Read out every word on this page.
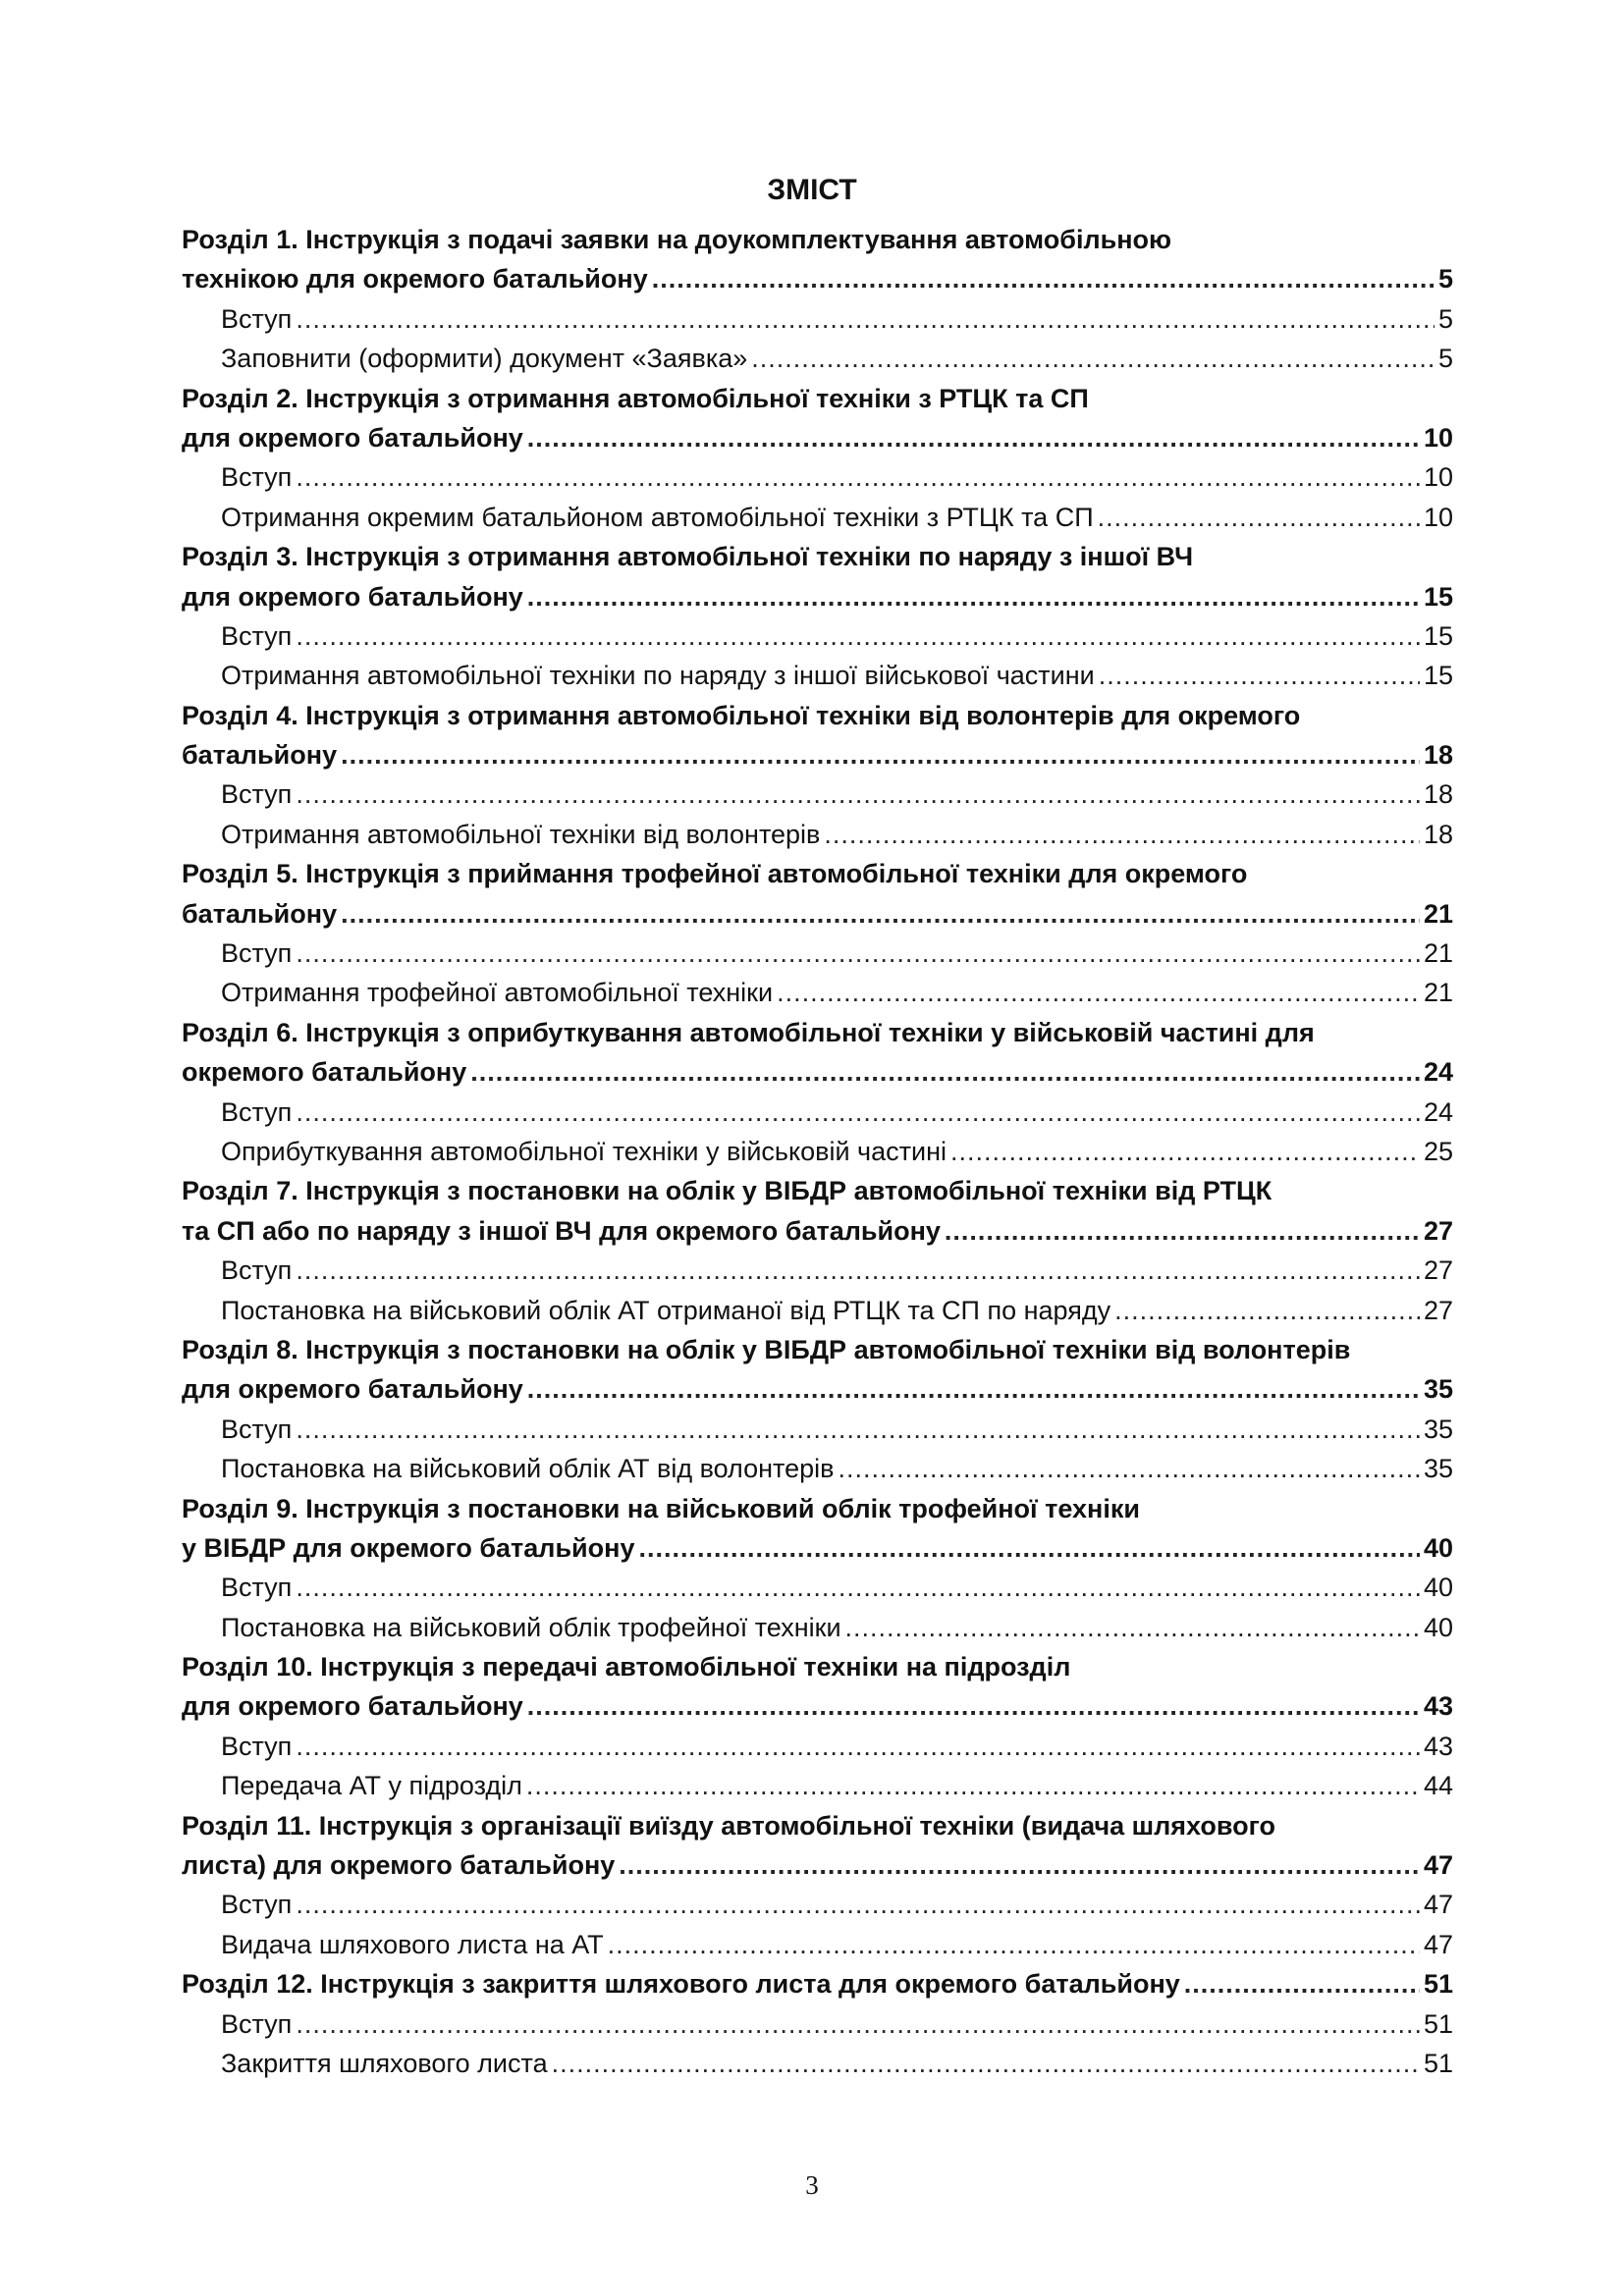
ЗМІСТ
Розділ 1. Інструкція з подачі заявки на доукомплектування автомобільною
технікою для окремого батальйону .....	5
Вступ .....	5
Заповнити (оформити) документ «Заявка» .....	5
Розділ 2. Інструкція з отримання автомобільної техніки з РТЦК та СП
для окремого батальйону .....	10
Вступ .....	10
Отримання окремим батальйоном автомобільної техніки з РТЦК та СП .....	10
Розділ 3. Інструкція з отримання автомобільної техніки по наряду з іншої ВЧ
для окремого батальйону .....	15
Вступ .....	15
Отримання автомобільної техніки по наряду з іншої військової частини .....	15
Розділ 4. Інструкція з отримання автомобільної техніки від волонтерів для окремого
батальйону .....	18
Вступ .....	18
Отримання автомобільної техніки від волонтерів .....	18
Розділ 5. Інструкція з приймання трофейної автомобільної техніки для окремого
батальйону .....	21
Вступ .....	21
Отримання трофейної автомобільної техніки .....	21
Розділ 6. Інструкція з оприбуткування автомобільної техніки у військовій частині для
окремого батальйону .....	24
Вступ .....	24
Оприбуткування автомобільної техніки у військовій частині .....	25
Розділ 7. Інструкція з постановки на облік у ВІБДР автомобільної техніки від РТЦК
та СП або по наряду з іншої ВЧ для окремого батальйону .....	27
Вступ .....	27
Постановка на військовий облік АТ отриманої від РТЦК та СП по наряду .....	27
Розділ 8. Інструкція з постановки на облік у ВІБДР автомобільної техніки від волонтерів
для окремого батальйону .....	35
Вступ .....	35
Постановка на військовий облік АТ від волонтерів .....	35
Розділ 9. Інструкція з постановки на військовий облік трофейної техніки
у ВІБДР для окремого батальйону .....	40
Вступ .....	40
Постановка на військовий облік трофейної техніки .....	40
Розділ 10. Інструкція з передачі автомобільної техніки на підрозділ
для окремого батальйону .....	43
Вступ .....	43
Передача АТ у підрозділ .....	44
Розділ 11. Інструкція з організації виїзду автомобільної техніки (видача шляхового
листа) для окремого батальйону .....	47
Вступ .....	47
Видача шляхового листа на АТ .....	47
Розділ 12. Інструкція з закриття шляхового листа для окремого батальйону .....	51
Вступ .....	51
Закриття шляхового листа .....	51
3
